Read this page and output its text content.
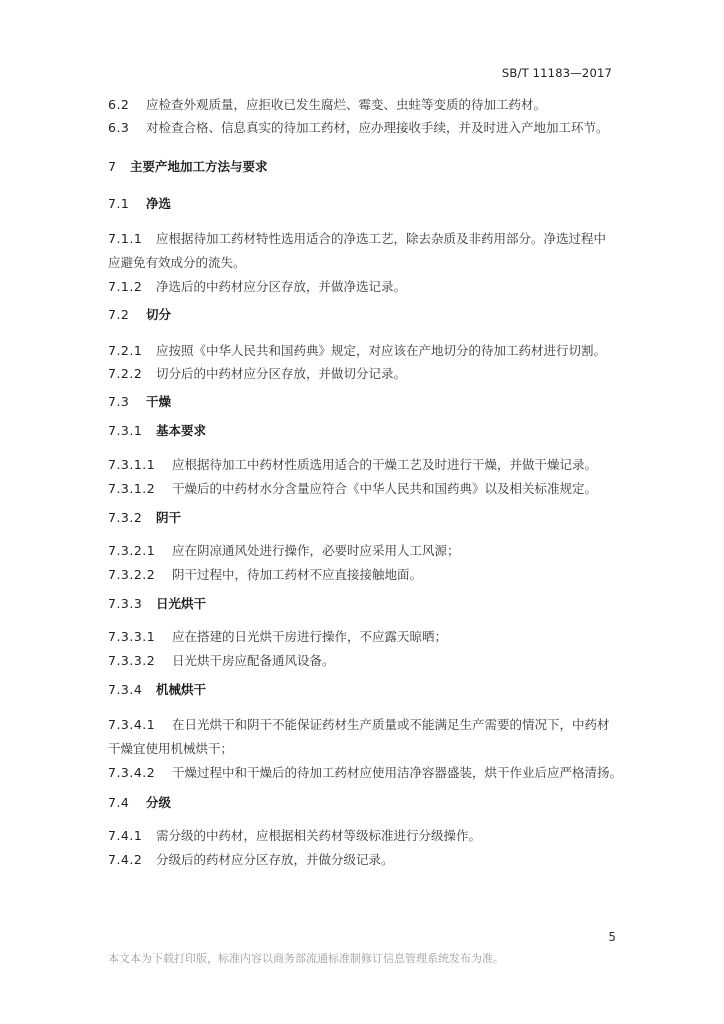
SB/T 11183—2017
6.2 应检查外观质量，应拒收已发生腐烂、霉变、虫蛀等变质的待加工药材。
6.3 对检查合格、信息真实的待加工药材，应办理接收手续，并及时进入产地加工环节。
7 主要产地加工方法与要求
7.1 净选
7.1.1 应根据待加工药材特性选用适合的净选工艺，除去杂质及非药用部分。净选过程中应避免有效成分的流失。
7.1.2 净选后的中药材应分区存放，并做净选记录。
7.2 切分
7.2.1 应按照《中华人民共和国药典》规定，对应该在产地切分的待加工药材进行切割。
7.2.2 切分后的中药材应分区存放，并做切分记录。
7.3 干燥
7.3.1 基本要求
7.3.1.1 应根据待加工中药材性质选用适合的干燥工艺及时进行干燥，并做干燥记录。
7.3.1.2 干燥后的中药材水分含量应符合《中华人民共和国药典》以及相关标准规定。
7.3.2 阴干
7.3.2.1 应在阴凉通风处进行操作，必要时应采用人工风源；
7.3.2.2 阴干过程中，待加工药材不应直接接触地面。
7.3.3 日光烘干
7.3.3.1 应在搭建的日光烘干房进行操作，不应露天晾晒；
7.3.3.2 日光烘干房应配备通风设备。
7.3.4 机械烘干
7.3.4.1 在日光烘干和阴干不能保证药材生产质量或不能满足生产需要的情况下，中药材干燥宜使用机械烘干；
7.3.4.2 干燥过程中和干燥后的待加工药材应使用洁净容器盛装，烘干作业后应严格清扬。
7.4 分级
7.4.1 需分级的中药材，应根据相关药材等级标准进行分级操作。
7.4.2 分级后的药材应分区存放，并做分级记录。
5
本文本为下载打印版，标准内容以商务部流通标准制修订信息管理系统发布为准。
